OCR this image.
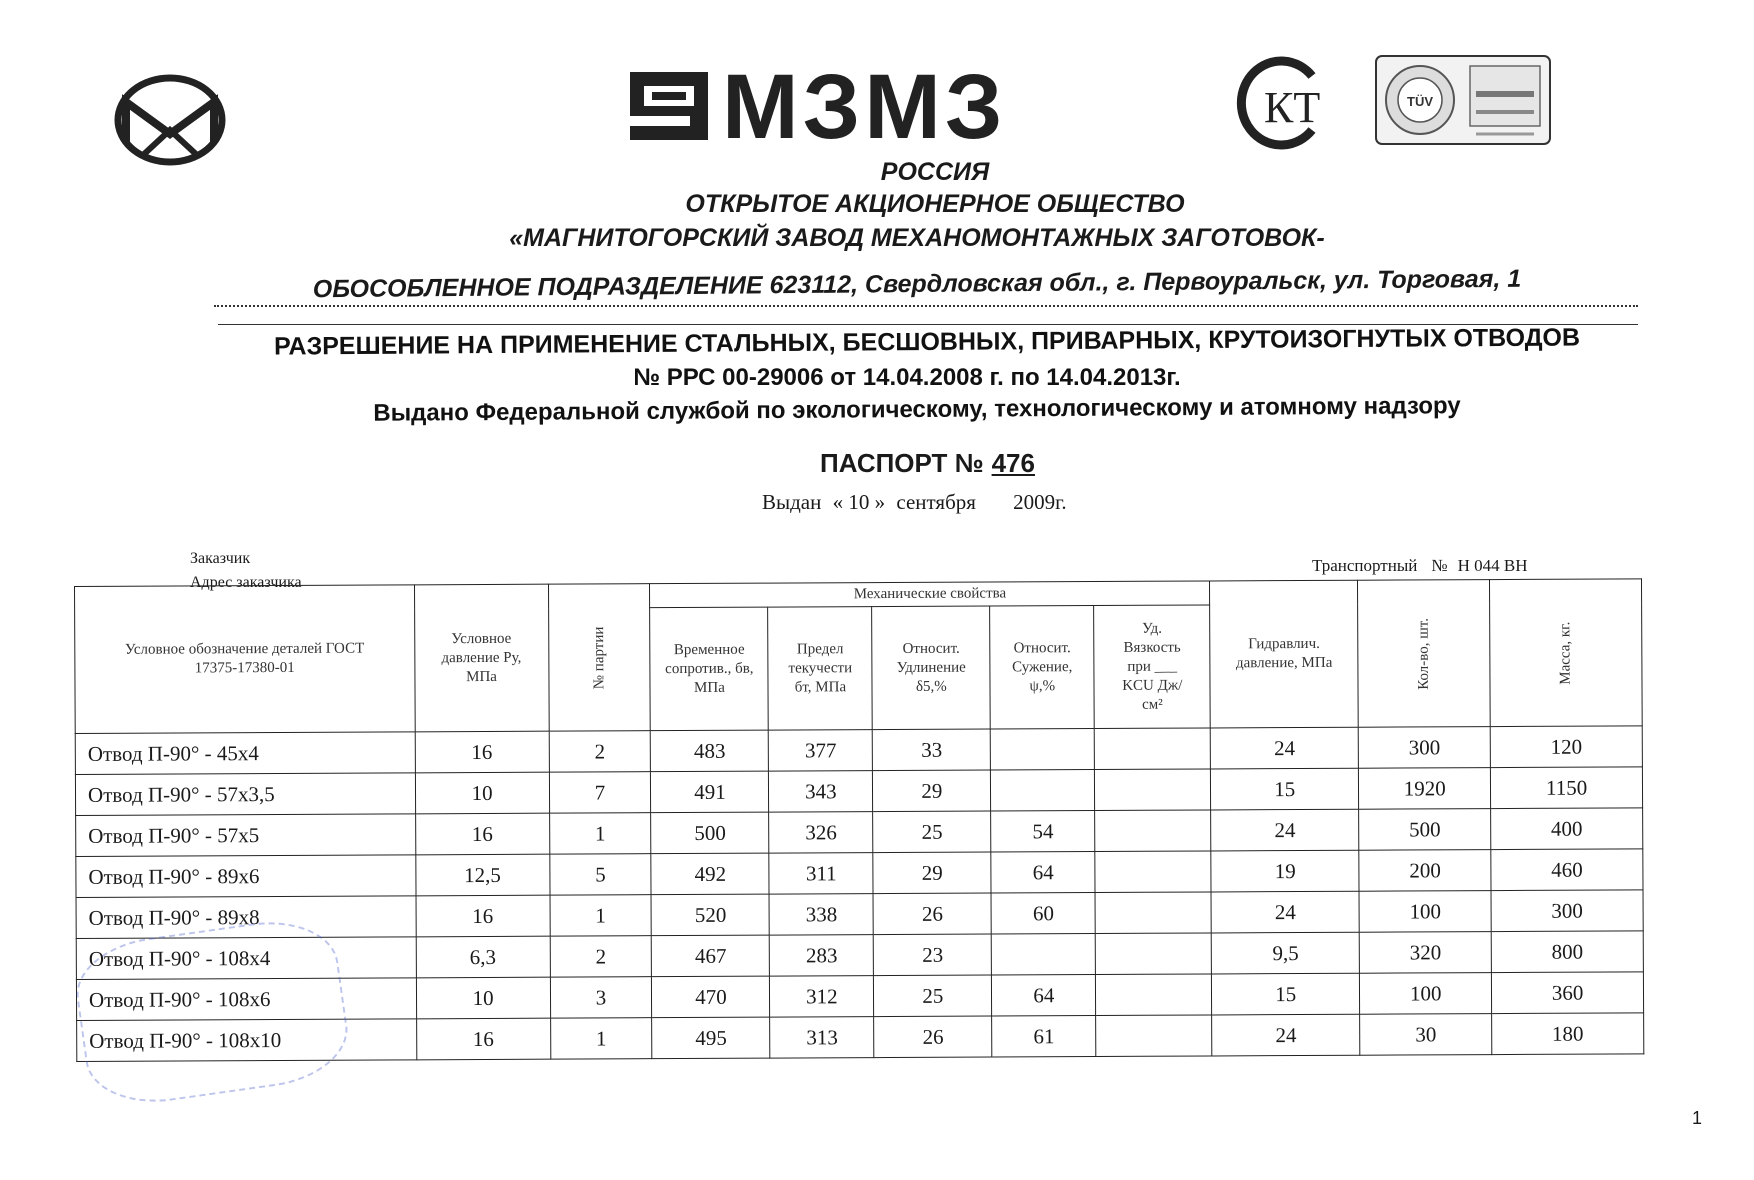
МЗМЗ	КТ	TÜV
РОССИЯ
ОТКРЫТОЕ АКЦИОНЕРНОЕ ОБЩЕСТВО
«МАГНИТОГОРСКИЙ ЗАВОД МЕХАНОМОНТАЖНЫХ ЗАГОТОВОК-
ОБОСОБЛЕННОЕ ПОДРАЗДЕЛЕНИЕ 623112, Свердловская обл., г. Первоуральск, ул. Торговая, 1
РАЗРЕШЕНИЕ НА ПРИМЕНЕНИЕ СТАЛЬНЫХ, БЕСШОВНЫХ, ПРИВАРНЫХ, КРУТОИЗОГНУТЫХ ОТВОДОВ
№ РРС 00-29006 от 14.04.2008 г. по 14.04.2013г.
Выдано Федеральной службой по экологическому, технологическому и атомному надзору
ПАСПОРТ № 476
Выдан « 10 » сентября 2009г.
Заказчик
Адрес заказчика
Транспортный № Н 044 ВН
Условное обозначение деталей ГОСТ 17375-17380-01	Условное давление Ру, МПа	№ партии	Механические свойства					Гидравлич. давление, МПа	Кол-во, шт.	Масса, кг.
			Временное сопротив., бв, МПа	Предел текучести бт, МПа	Относит. Удлинение δ5,%	Относит. Сужение, ψ,%	Уд. Вязкость при ___ KCU Дж/см²			
Отвод П-90° - 45х4	16	2	483	377	33			24	300	120
Отвод П-90° - 57х3,5	10	7	491	343	29			15	1920	1150
Отвод П-90° - 57х5	16	1	500	326	25	54		24	500	400
Отвод П-90° - 89х6	12,5	5	492	311	29	64		19	200	460
Отвод П-90° - 89х8	16	1	520	338	26	60		24	100	300
Отвод П-90° - 108х4	6,3	2	467	283	23			9,5	320	800
Отвод П-90° - 108х6	10	3	470	312	25	64		15	100	360
Отвод П-90° - 108х10	16	1	495	313	26	61		24	30	180
1
